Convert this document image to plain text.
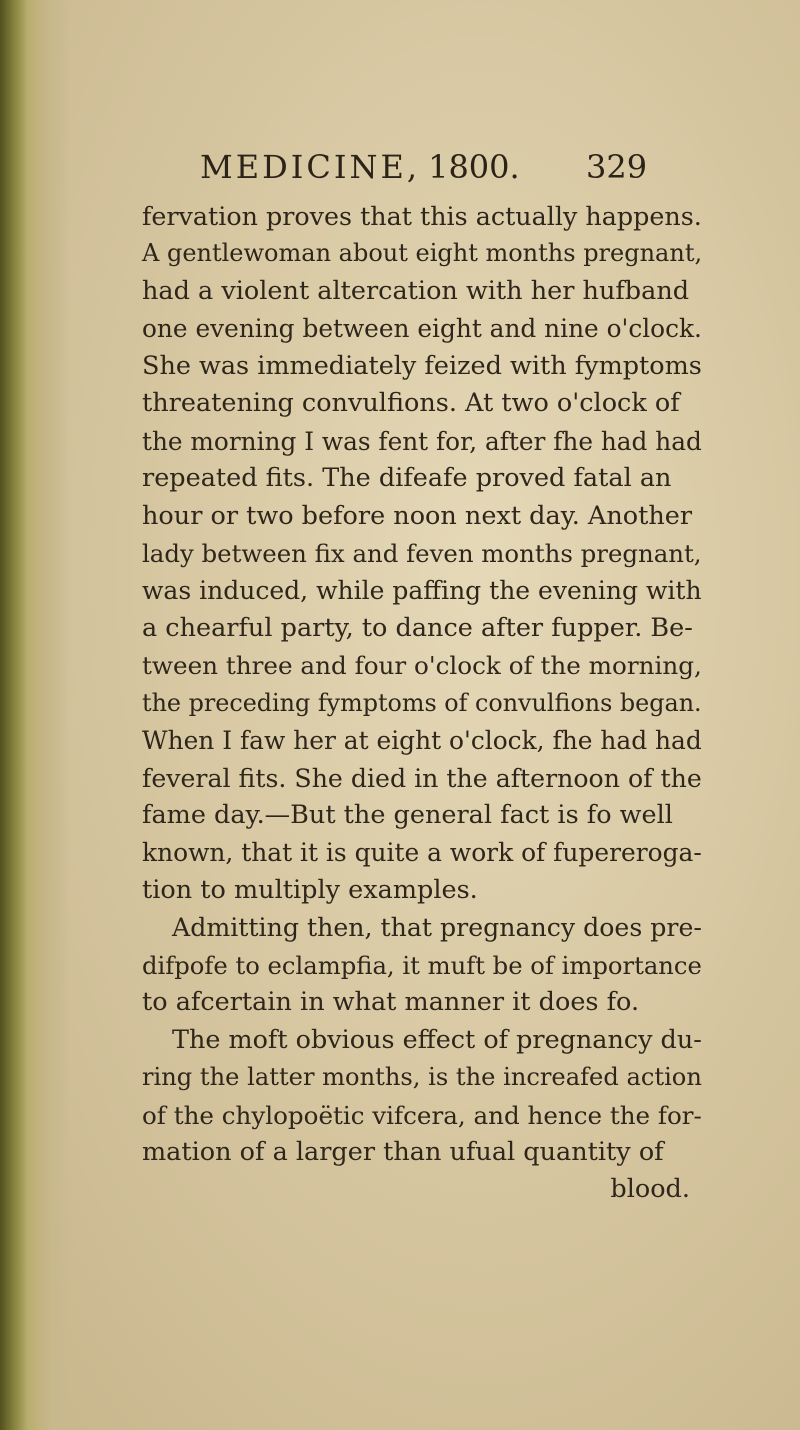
MEDICINE, 1800.	329
fervation proves that this actually happens.
A gentlewoman about eight months pregnant,
had a violent altercation with her hufband
one evening between eight and nine o'clock.
She was immediately feized with fymptoms
threatening convulfions. At two o'clock of
the morning I was fent for, after fhe had had
repeated fits. The difeafe proved fatal an
hour or two before noon next day. Another
lady between fix and feven months pregnant,
was induced, while paffing the evening with
a chearful party, to dance after fupper. Be-
tween three and four o'clock of the morning,
the preceding fymptoms of convulfions began.
When I faw her at eight o'clock, fhe had had
feveral fits. She died in the afternoon of the
fame day.—But the general fact is fo well
known, that it is quite a work of fupereroga-
tion to multiply examples.
Admitting then, that pregnancy does pre-
difpofe to eclampfia, it muft be of importance
to afcertain in what manner it does fo.
The moft obvious effect of pregnancy du-
ring the latter months, is the increafed action
of the chylopoëtic vifcera, and hence the for-
mation of a larger than ufual quantity of
blood.
